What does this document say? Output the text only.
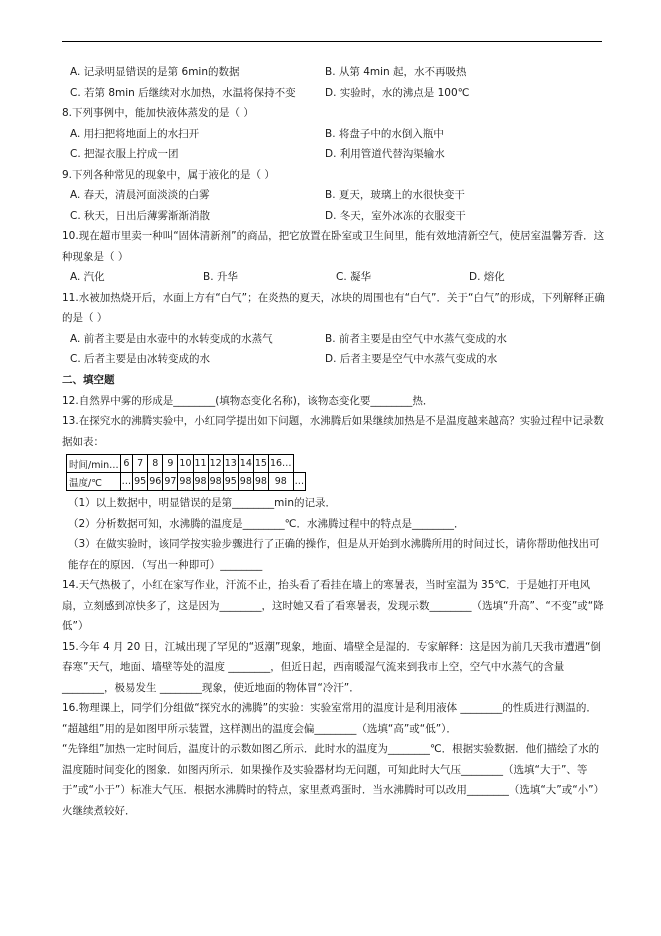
A. 记录明显错误的是第 6min的数据	B. 从第 4min 起，水不再吸热
C. 若第 8min 后继续对水加热，水温将保持不变	D. 实验时，水的沸点是 100℃
8.下列事例中，能加快液体蒸发的是（ ）
A. 用扫把将地面上的水扫开	B. 将盘子中的水倒入瓶中
C. 把湿衣服上拧成一团	D. 利用管道代替沟渠输水
9.下列各种常见的现象中，属于液化的是（ ）
A. 春天，清晨河面淡淡的白雾	B. 夏天，玻璃上的水很快变干
C. 秋天，日出后薄雾渐渐消散	D. 冬天，室外冰冻的衣服变干
10.现在超市里卖一种叫“固体清新剂”的商品，把它放置在卧室或卫生间里，能有效地清新空气，使居室温馨芳香．这种现象是（ ）
A. 汽化	B. 升华	C. 凝华	D. 熔化
11.水被加热烧开后，水面上方有“白气”；在炎热的夏天，冰块的周围也有“白气”．关于“白气”的形成，下列解释正确的是（ ）
A. 前者主要是由水壶中的水转变成的水蒸气	B. 前者主要是由空气中水蒸气变成的水
C. 后者主要是由冰转变成的水	D. 后者主要是空气中水蒸气变成的水
二、填空题
12.自然界中雾的形成是________(填物态变化名称)，该物态变化要________热．
13.在探究水的沸腾实验中，小红同学提出如下问题，水沸腾后如果继续加热是不是温度越来越高？实验过程中记录数据如表：
时间/min…	6	7	8	9	10	11	12	13	14	15	16…	
温度/℃	…	95	96	97	98	98	98	95	98	98	98	…
（1）以上数据中，明显错误的是第________min的记录．
（2）分析数据可知，水沸腾的温度是________℃．水沸腾过程中的特点是________．
（3）在做实验时，该同学按实验步骤进行了正确的操作，但是从开始到水沸腾所用的时间过长，请你帮助他找出可能存在的原因．（写出一种即可）________
14.天气热极了，小红在家写作业，汗流不止，抬头看了看挂在墙上的寒暑表，当时室温为 35℃．于是她打开电风扇，立刻感到凉快多了，这是因为________，这时她又看了看寒暑表，发现示数________（选填“升高”、“不变”或“降低”）
15.今年 4 月 20 日，江城出现了罕见的“返潮”现象，地面、墙壁全是湿的．专家解释：这是因为前几天我市遭遇“倒春寒”天气，地面、墙壁等处的温度 ________，但近日起，西南暖湿气流来到我市上空，空气中水蒸气的含量 ________，极易发生 ________现象，使近地面的物体冒“冷汗”．
16.物理课上，同学们分组做“探究水的沸腾”的实验：实验室常用的温度计是利用液体 ________的性质进行测温的．
“超越组”用的是如图甲所示装置，这样测出的温度会偏________（选填“高”或“低”）．
“先锋组”加热一定时间后，温度计的示数如图乙所示．此时水的温度为________℃．根据实验数据．他们描绘了水的温度随时间变化的图象．如图丙所示．如果操作及实验器材均无问题，可知此时大气压________（选填“大于”、等于”或“小于”）标准大气压．根据水沸腾时的特点，家里煮鸡蛋时．当水沸腾时可以改用________（选填“大”或“小”）火继续煮较好．
